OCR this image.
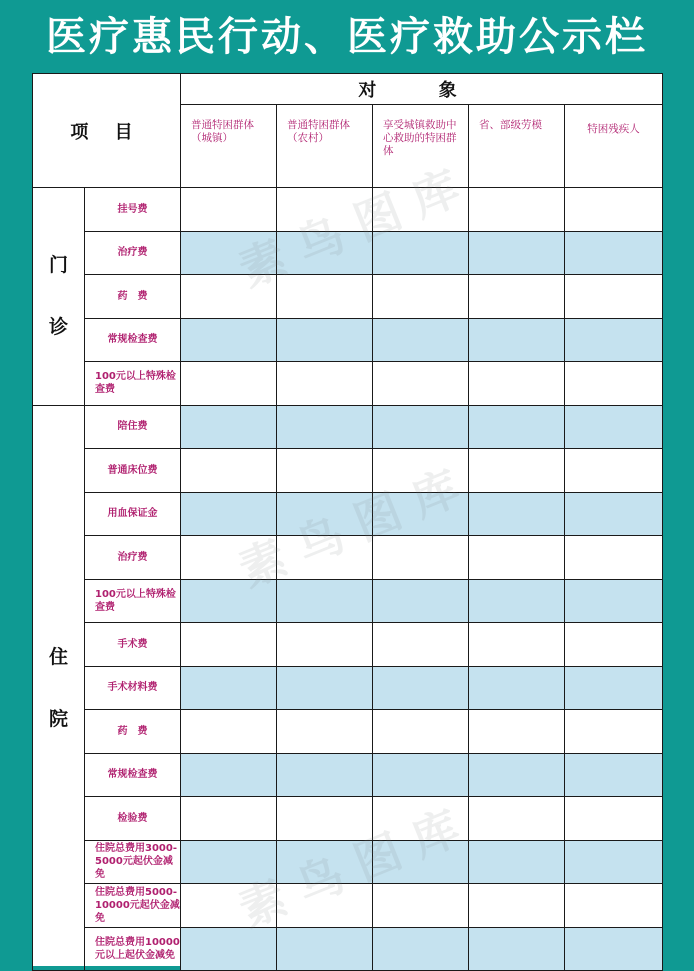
医疗惠民行动、医疗救助公示栏
项 目		对 象				
		普通特困群体（城镇）	普通特困群体（农村）	享受城镇救助中心救助的特困群体	省、部级劳模	特困残疾人

门
诊	挂号费					
	治疗费					
	药　费					
	常规检查费					
	100元以上特殊检查费					

住
院	陪住费					
	普通床位费					
	用血保证金					
	治疗费					
	100元以上特殊检查费					
	手术费					
	手术材料费					
	药　费					
	常规检查费					
	检验费					
	住院总费用3000-5000元起伏金减免					
	住院总费用5000-10000元起伏金减免					
	住院总费用10000元以上起伏金减免					
